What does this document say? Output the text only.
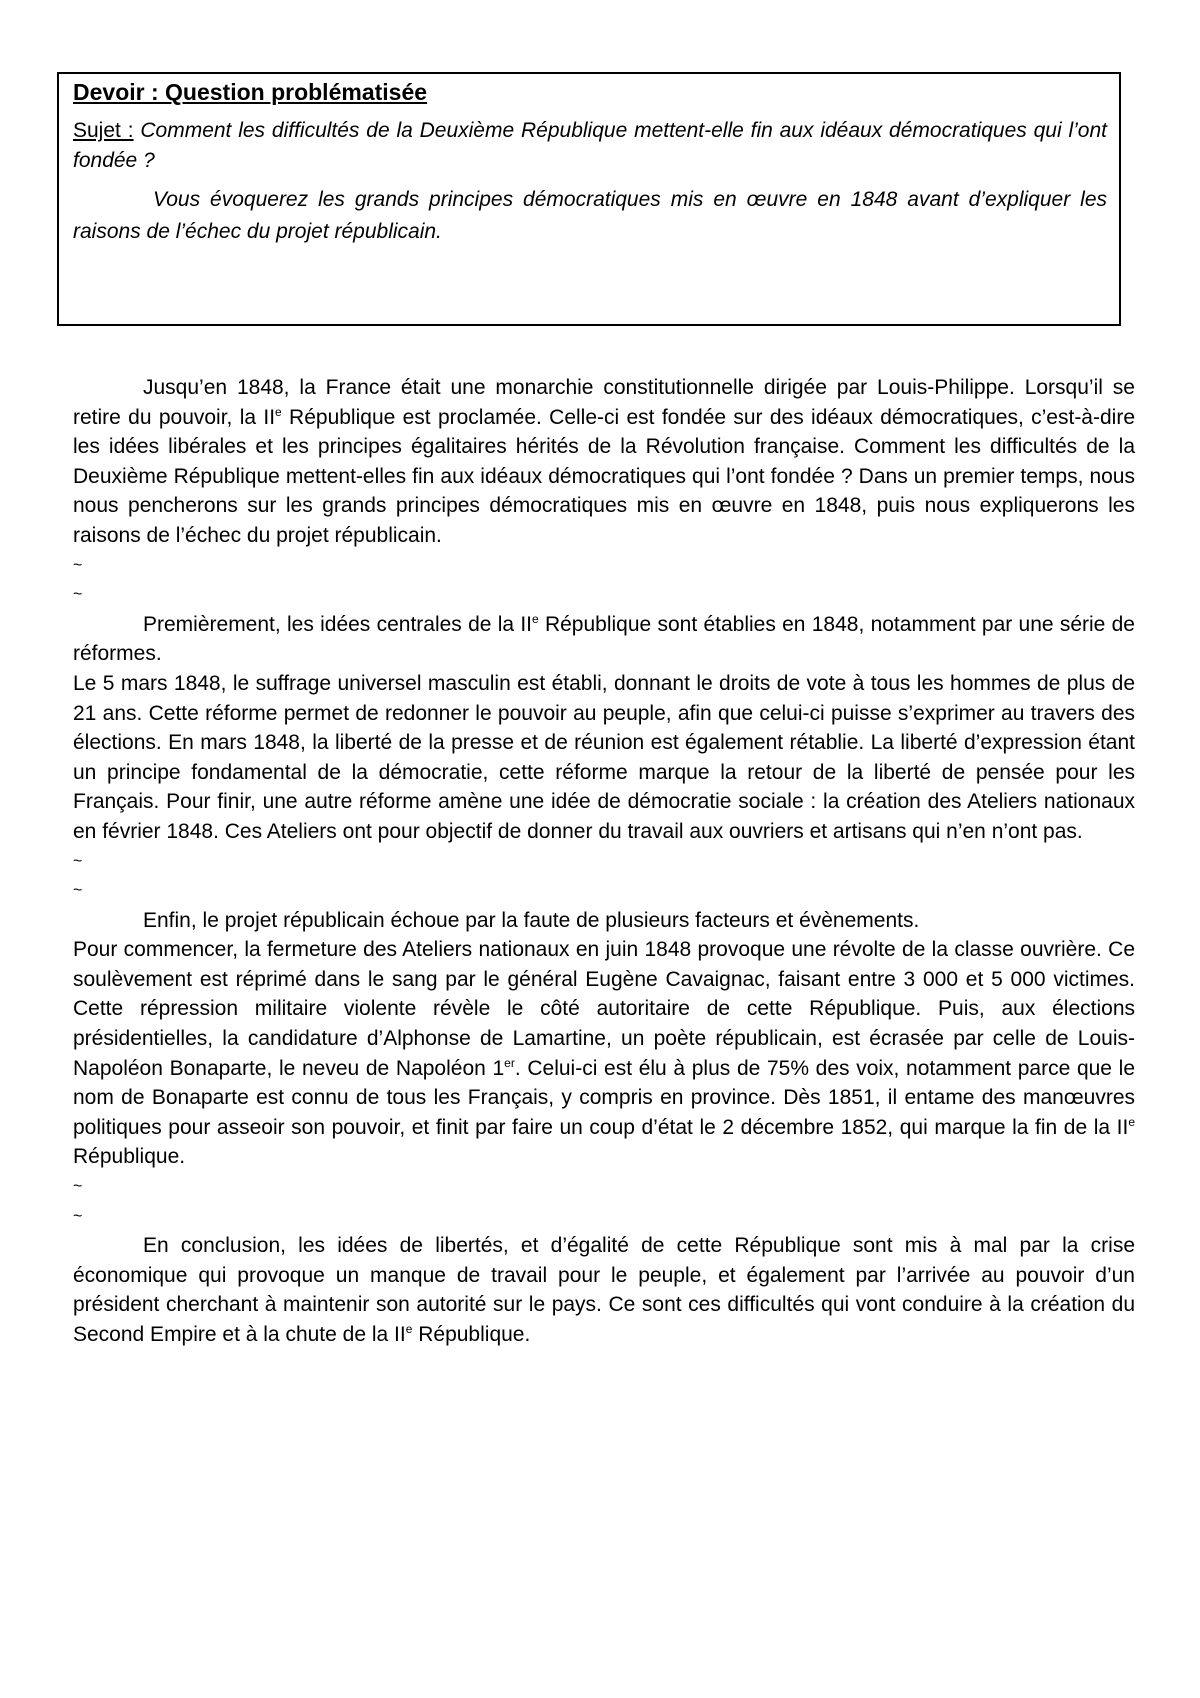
Devoir : Question problématisée

Sujet : Comment les difficultés de la Deuxième République mettent-elle fin aux idéaux démocratiques qui l’ont fondée ?

Vous évoquerez les grands principes démocratiques mis en œuvre en 1848 avant d’expliquer les raisons de l’échec du projet républicain.

Jusqu’en 1848, la France était une monarchie constitutionnelle dirigée par Louis-Philippe. Lorsqu’il se retire du pouvoir, la IIe République est proclamée. Celle-ci est fondée sur des idéaux démocratiques, c’est-à-dire les idées libérales et les principes égalitaires hérités de la Révolution française. Comment les difficultés de la Deuxième République mettent-elles fin aux idéaux démocratiques qui l’ont fondée ? Dans un premier temps, nous nous pencherons sur les grands principes démocratiques mis en œuvre en 1848, puis nous expliquerons les raisons de l’échec du projet républicain.

~

~

Premièrement, les idées centrales de la IIe République sont établies en 1848, notamment par une série de réformes.

Le 5 mars 1848, le suffrage universel masculin est établi, donnant le droits de vote à tous les hommes de plus de 21 ans. Cette réforme permet de redonner le pouvoir au peuple, afin que celui-ci puisse s’exprimer au travers des élections. En mars 1848, la liberté de la presse et de réunion est également rétablie. La liberté d’expression étant un principe fondamental de la démocratie, cette réforme marque la retour de la liberté de pensée pour les Français. Pour finir, une autre réforme amène une idée de démocratie sociale : la création des Ateliers nationaux en février 1848. Ces Ateliers ont pour objectif de donner du travail aux ouvriers et artisans qui n’en n’ont pas.

~

~

Enfin, le projet républicain échoue par la faute de plusieurs facteurs et évènements.

Pour commencer, la fermeture des Ateliers nationaux en juin 1848 provoque une révolte de la classe ouvrière. Ce soulèvement est réprimé dans le sang par le général Eugène Cavaignac, faisant entre 3 000 et 5 000 victimes. Cette répression militaire violente révèle le côté autoritaire de cette République. Puis, aux élections présidentielles, la candidature d’Alphonse de Lamartine, un poète républicain, est écrasée par celle de Louis-Napoléon Bonaparte, le neveu de Napoléon 1er. Celui-ci est élu à plus de 75% des voix, notamment parce que le nom de Bonaparte est connu de tous les Français, y compris en province. Dès 1851, il entame des manœuvres politiques pour asseoir son pouvoir, et finit par faire un coup d’état le 2 décembre 1852, qui marque la fin de la IIe République.

~

~

En conclusion, les idées de libertés, et d’égalité de cette République sont mis à mal par la crise économique qui provoque un manque de travail pour le peuple, et également par l’arrivée au pouvoir d’un président cherchant à maintenir son autorité sur le pays. Ce sont ces difficultés qui vont conduire à la création du Second Empire et à la chute de la IIe République.
